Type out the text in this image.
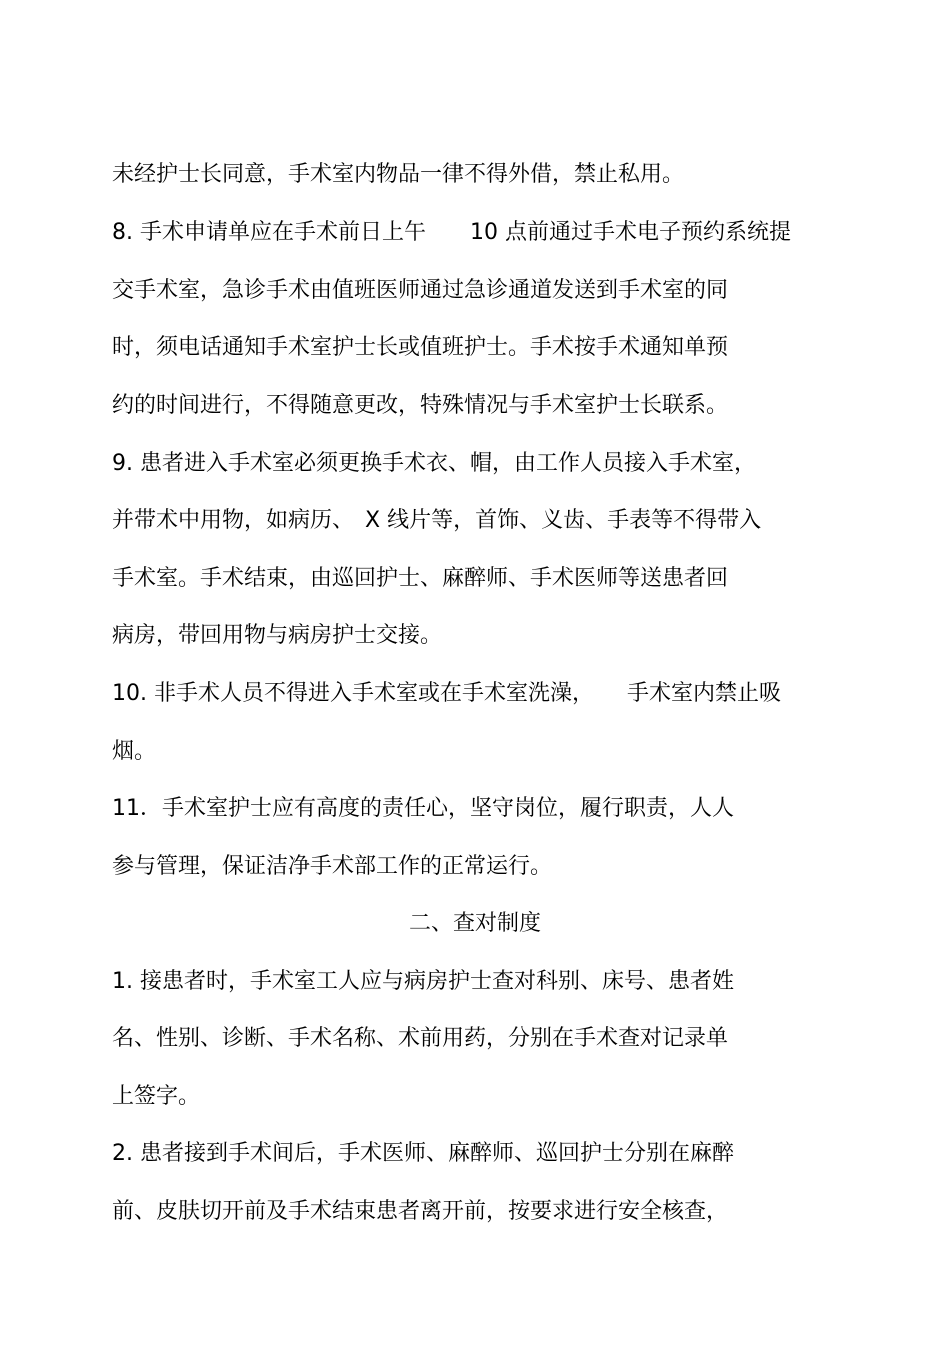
未经护士长同意，手术室内物品一律不得外借，禁止私用。

8. 手术申请单应在手术前日上午　　10 点前通过手术电子预约系统提

交手术室，急诊手术由值班医师通过急诊通道发送到手术室的同

时，须电话通知手术室护士长或值班护士。手术按手术通知单预

约的时间进行，不得随意更改，特殊情况与手术室护士长联系。

9. 患者进入手术室必须更换手术衣、帽，由工作人员接入手术室，

并带术中用物，如病历、　X 线片等，首饰、义齿、手表等不得带入

手术室。手术结束，由巡回护士、麻醉师、手术医师等送患者回

病房，带回用物与病房护士交接。

10. 非手术人员不得进入手术室或在手术室洗澡，　　手术室内禁止吸

烟。

11．手术室护士应有高度的责任心，坚守岗位，履行职责，人人

参与管理，保证洁净手术部工作的正常运行。

二、查对制度

1. 接患者时，手术室工人应与病房护士查对科别、床号、患者姓

名、性别、诊断、手术名称、术前用药，分别在手术查对记录单

上签字。

2. 患者接到手术间后，手术医师、麻醉师、巡回护士分别在麻醉

前、皮肤切开前及手术结束患者离开前，按要求进行安全核查，
